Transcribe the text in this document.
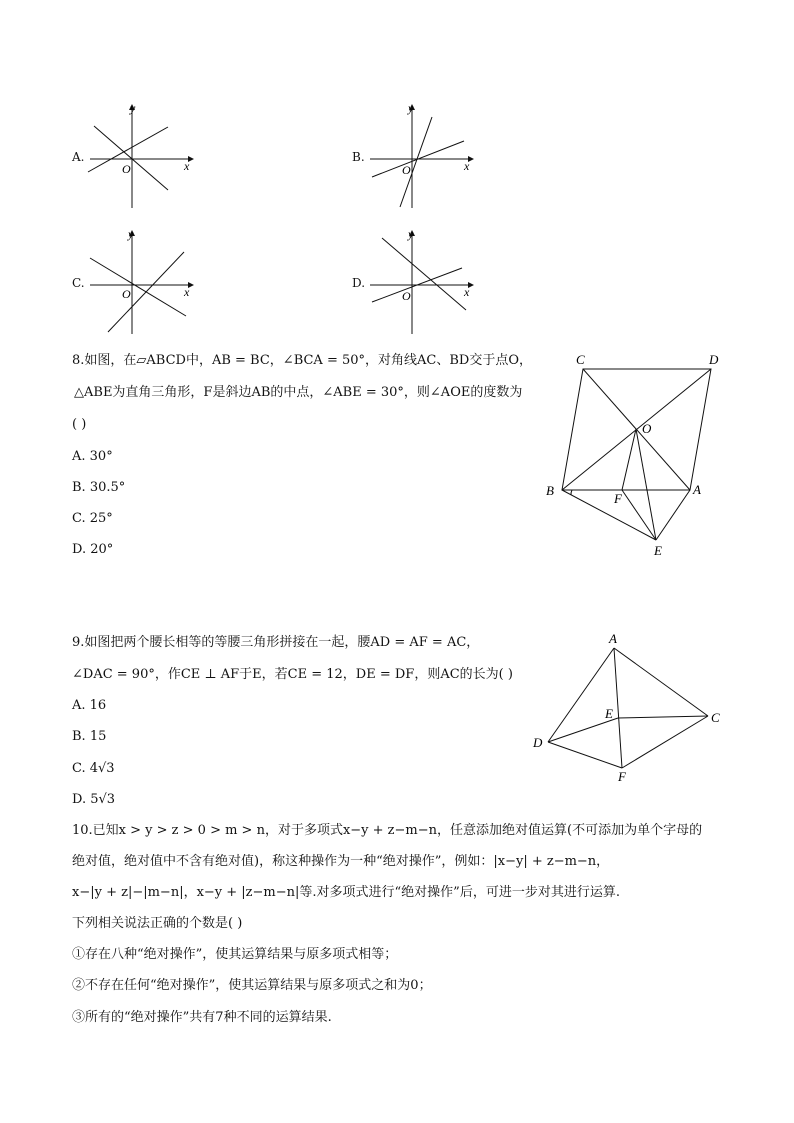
A.
y
x
O
B.
y
x
O
C.
y
x
O
D.
y
x
O
8.如图，在▱ABCD中，AB = BC，∠BCA = 50°，对角线AC、BD交于点O，
△ABE为直角三角形，F是斜边AB的中点，∠ABE = 30°，则∠AOE的度数为
( )
A. 30°
B. 30.5°
C. 25°
D. 20°
C	D
O
B
F
A
E
9.如图把两个腰长相等的等腰三角形拼接在一起，腰AD = AF = AC，
∠DAC = 90°，作CE ⊥ AF于E，若CE = 12，DE = DF，则AC的长为( )
A. 16
B. 15
C. 4√3
D. 5√3
A
E	C
D
F
10.已知x > y > z > 0 > m > n，对于多项式x−y + z−m−n，任意添加绝对值运算(不可添加为单个字母的
绝对值，绝对值中不含有绝对值)，称这种操作为一种“绝对操作”，例如：|x−y| + z−m−n，
x−|y + z|−|m−n|，x−y + |z−m−n|等.对多项式进行“绝对操作”后，可进一步对其进行运算.
下列相关说法正确的个数是( )
①存在八种“绝对操作”，使其运算结果与原多项式相等；
②不存在任何“绝对操作”，使其运算结果与原多项式之和为0；
③所有的“绝对操作”共有7种不同的运算结果.
